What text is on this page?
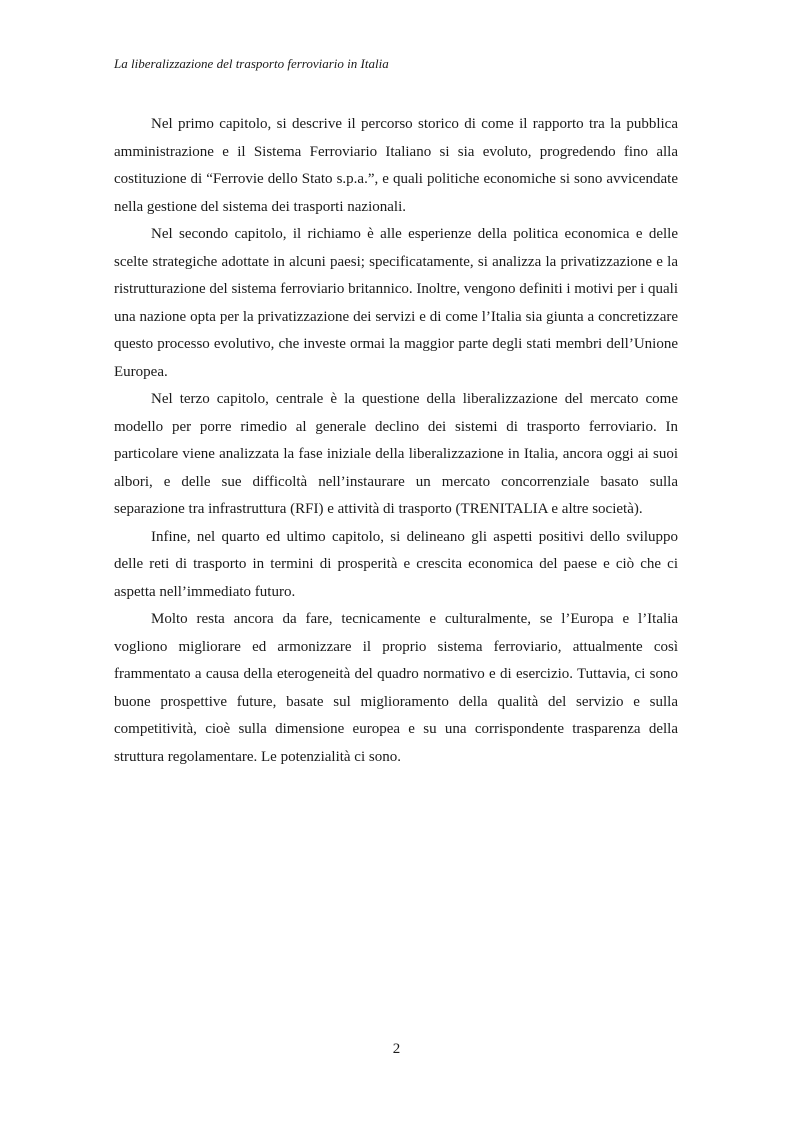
La liberalizzazione del trasporto ferroviario in Italia

Nel primo capitolo, si descrive il percorso storico di come il rapporto tra la pubblica amministrazione e il Sistema Ferroviario Italiano si sia evoluto, progredendo fino alla costituzione di “Ferrovie dello Stato s.p.a.”, e quali politiche economiche si sono avvicendate nella gestione del sistema dei trasporti nazionali.

Nel secondo capitolo, il richiamo è alle esperienze della politica economica e delle scelte strategiche adottate in alcuni paesi; specificatamente, si analizza la privatizzazione e la ristrutturazione del sistema ferroviario britannico. Inoltre, vengono definiti i motivi per i quali una nazione opta per la privatizzazione dei servizi e di come l’Italia sia giunta a concretizzare questo processo evolutivo, che investe ormai la maggior parte degli stati membri dell’Unione Europea.

Nel terzo capitolo, centrale è la questione della liberalizzazione del mercato come modello per porre rimedio al generale declino dei sistemi di trasporto ferroviario. In particolare viene analizzata la fase iniziale della liberalizzazione in Italia, ancora oggi ai suoi albori, e delle sue difficoltà nell’instaurare un mercato concorrenziale basato sulla separazione tra infrastruttura (RFI) e attività di trasporto (TRENITALIA e altre società).

Infine, nel quarto ed ultimo capitolo, si delineano gli aspetti positivi dello sviluppo delle reti di trasporto in termini di prosperità e crescita economica del paese e ciò che ci aspetta nell’immediato futuro.

Molto resta ancora da fare, tecnicamente e culturalmente, se l’Europa e l’Italia vogliono migliorare ed armonizzare il proprio sistema ferroviario, attualmente così frammentato a causa della eterogeneità del quadro normativo e di esercizio. Tuttavia, ci sono buone prospettive future, basate sul miglioramento della qualità del servizio e sulla competitività, cioè sulla dimensione europea e su una corrispondente trasparenza della struttura regolamentare. Le potenzialità ci sono.

2
